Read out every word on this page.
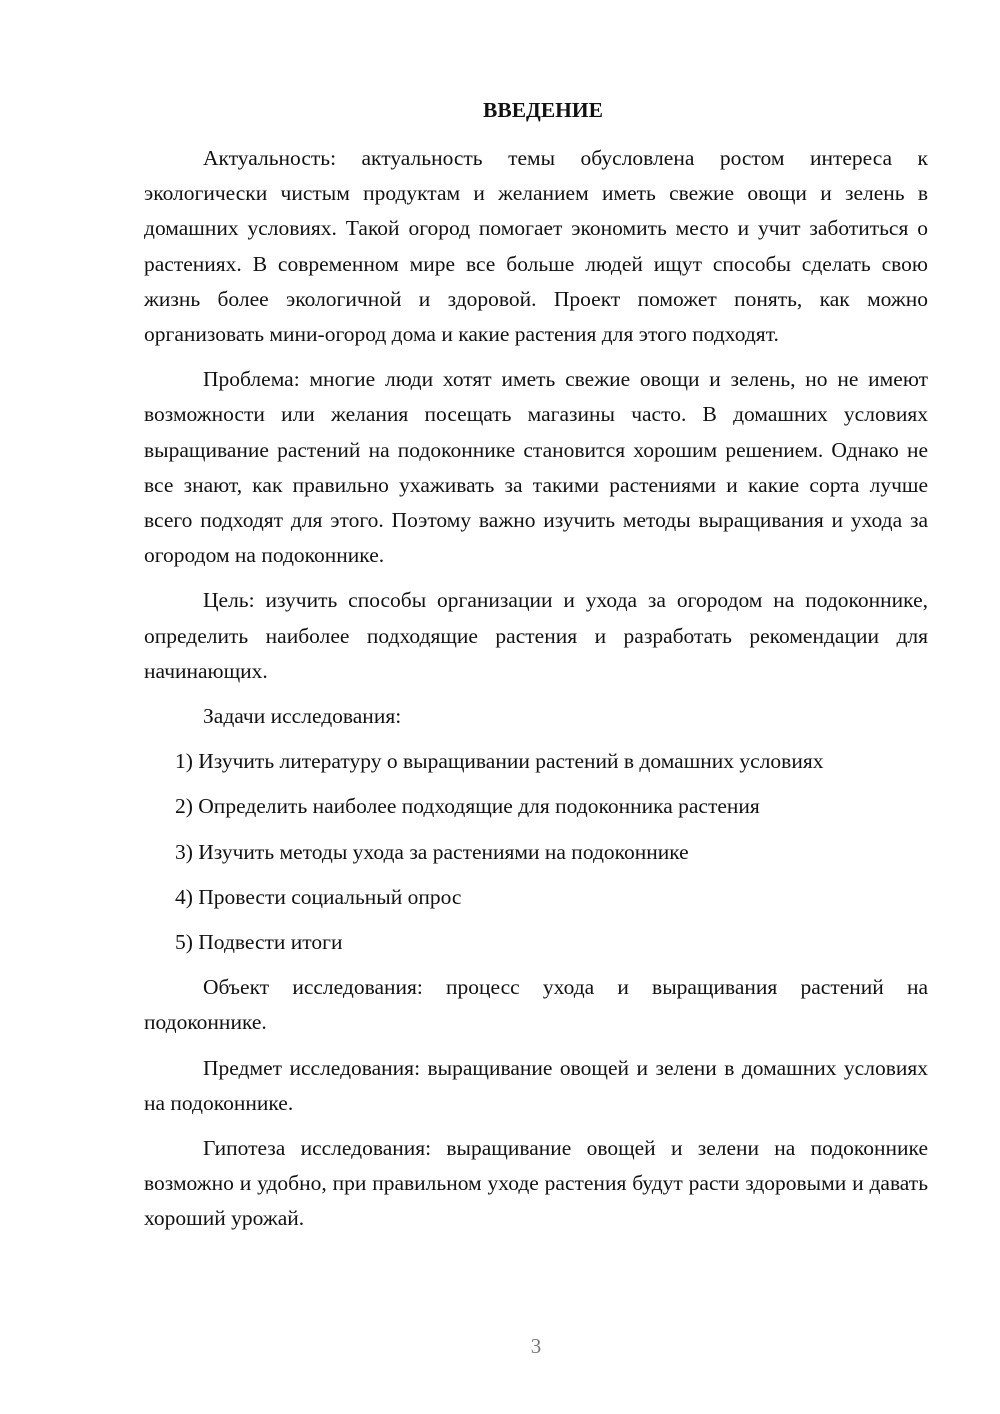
ВВЕДЕНИЕ

Актуальность: актуальность темы обусловлена ростом интереса к экологически чистым продуктам и желанием иметь свежие овощи и зелень в домашних условиях. Такой огород помогает экономить место и учит заботиться о растениях. В современном мире все больше людей ищут способы сделать свою жизнь более экологичной и здоровой. Проект поможет понять, как можно организовать мини-огород дома и какие растения для этого подходят.

Проблема: многие люди хотят иметь свежие овощи и зелень, но не имеют возможности или желания посещать магазины часто. В домашних условиях выращивание растений на подоконнике становится хорошим решением. Однако не все знают, как правильно ухаживать за такими растениями и какие сорта лучше всего подходят для этого. Поэтому важно изучить методы выращивания и ухода за огородом на подоконнике.

Цель: изучить способы организации и ухода за огородом на подоконнике, определить наиболее подходящие растения и разработать рекомендации для начинающих.

Задачи исследования:

1) Изучить литературу о выращивании растений в домашних условиях
2) Определить наиболее подходящие для подоконника растения
3) Изучить методы ухода за растениями на подоконнике
4) Провести социальный опрос
5) Подвести итоги

Объект исследования: процесс ухода и выращивания растений на подоконнике.

Предмет исследования: выращивание овощей и зелени в домашних условиях на подоконнике.

Гипотеза исследования: выращивание овощей и зелени на подоконнике возможно и удобно, при правильном уходе растения будут расти здоровыми и давать хороший урожай.

3
